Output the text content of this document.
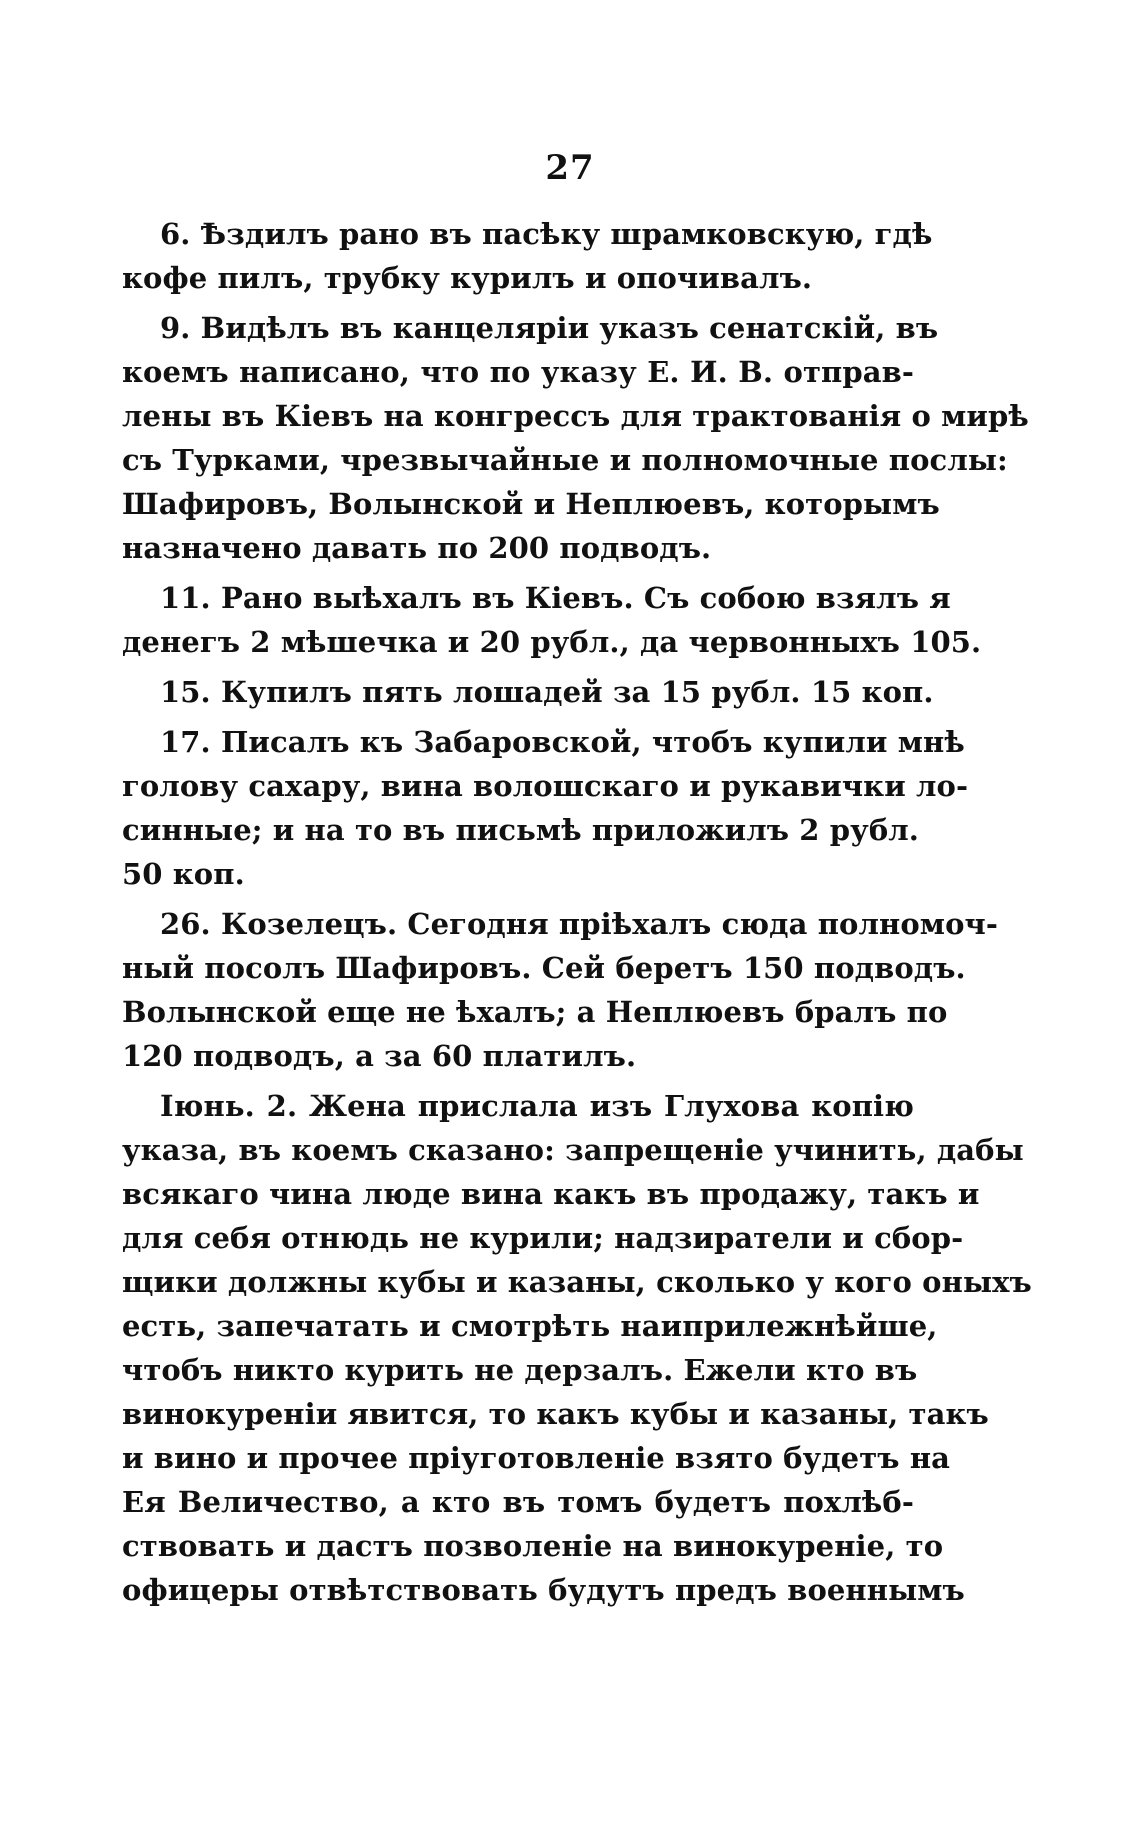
27
6. Ѣздилъ рано въ пасѣку шрамковскую, гдѣ
кофе пилъ, трубку курилъ и опочивалъ.
9. Видѣлъ въ канцеляріи указъ сенатскій, въ
коемъ написано, что по указу Е. И. В. отправ-
лены въ Кіевъ на конгрессъ для трактованія о мирѣ
съ Турками, чрезвычайные и полномочные послы:
Шафировъ, Волынской и Неплюевъ, которымъ
назначено давать по 200 подводъ.
11. Рано выѣхалъ въ Кіевъ. Съ собою взялъ я
денегъ 2 мѣшечка и 20 рубл., да червонныхъ 105.
15. Купилъ пять лошадей за 15 рубл. 15 коп.
17. Писалъ къ Забаровской, чтобъ купили мнѣ
голову сахару, вина волошскаго и рукавички ло-
синные; и на то въ письмѣ приложилъ 2 рубл.
50 коп.
26. Козелецъ. Сегодня пріѣхалъ сюда полномоч-
ный посолъ Шафировъ. Сей беретъ 150 подводъ.
Волынской еще не ѣхалъ; а Неплюевъ бралъ по
120 подводъ, а за 60 платилъ.
Іюнь. 2. Жена прислала изъ Глухова копію
указа, въ коемъ сказано: запрещеніе учинить, дабы
всякаго чина люде вина какъ въ продажу, такъ и
для себя отнюдь не курили; надзиратели и сбор-
щики должны кубы и казаны, сколько у кого оныхъ
есть, запечатать и смотрѣть наиприлежнѣйше,
чтобъ никто курить не дерзалъ. Ежели кто въ
винокуреніи явится, то какъ кубы и казаны, такъ
и вино и прочее пріуготовленіе взято будетъ на
Ея Величество, а кто въ томъ будетъ похлѣб-
ствовать и дастъ позволеніе на винокуреніе, то
офицеры отвѣтствовать будутъ предъ военнымъ
